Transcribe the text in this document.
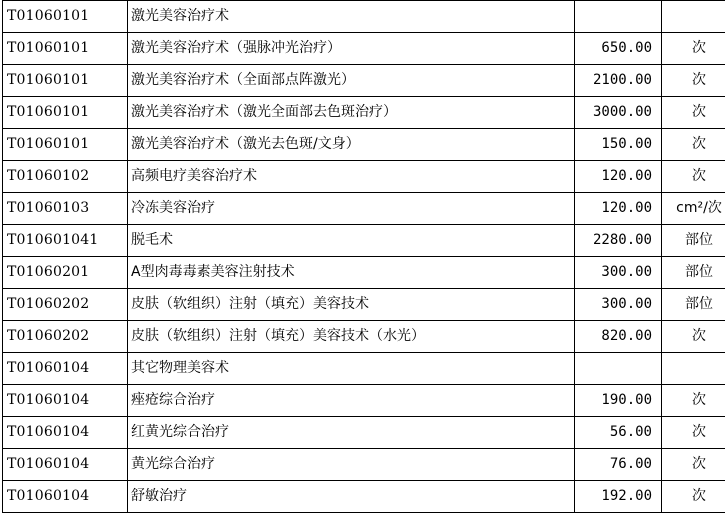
T01060101	激光美容治疗术		
T01060101	激光美容治疗术（强脉冲光治疗）	650.00	次
T01060101	激光美容治疗术（全面部点阵激光）	2100.00	次
T01060101	激光美容治疗术（激光全面部去色斑治疗）	3000.00	次
T01060101	激光美容治疗术（激光去色斑/文身）	150.00	次
T01060102	高频电疗美容治疗术	120.00	次
T01060103	冷冻美容治疗	120.00	cm²/次
T010601041	脱毛术	2280.00	部位
T01060201	A型肉毒毒素美容注射技术	300.00	部位
T01060202	皮肤（软组织）注射（填充）美容技术	300.00	部位
T01060202	皮肤（软组织）注射（填充）美容技术（水光）	820.00	次
T01060104	其它物理美容术		
T01060104	痤疮综合治疗	190.00	次
T01060104	红黄光综合治疗	56.00	次
T01060104	黄光综合治疗	76.00	次
T01060104	舒敏治疗	192.00	次
